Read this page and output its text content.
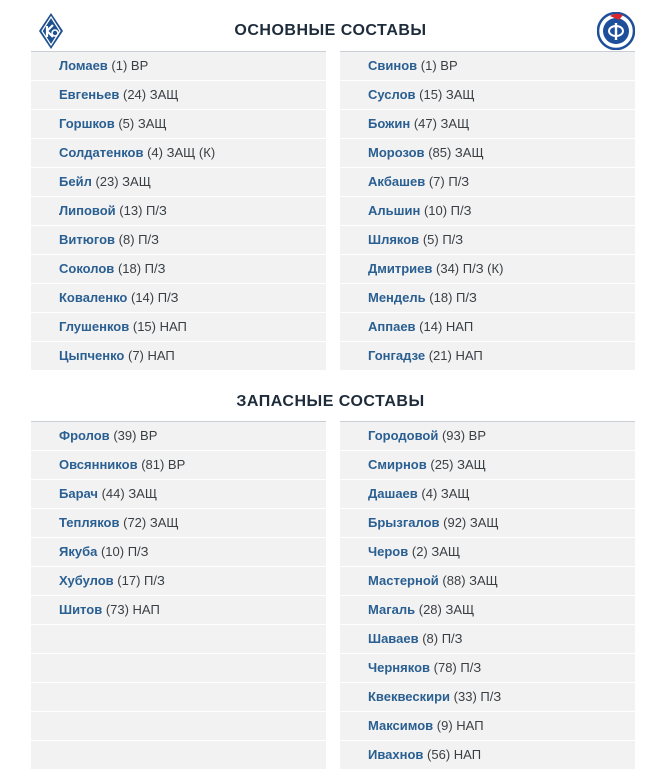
ОСНОВНЫЕ СОСТАВЫ
Ломаев (1) ВР
Евгеньев (24) ЗАЩ
Горшков (5) ЗАЩ
Солдатенков (4) ЗАЩ (К)
Бейл (23) ЗАЩ
Липовой (13) П/З
Витюгов (8) П/З
Соколов (18) П/З
Коваленко (14) П/З
Глушенков (15) НАП
Цыпченко (7) НАП
Свинов (1) ВР
Суслов (15) ЗАЩ
Божин (47) ЗАЩ
Морозов (85) ЗАЩ
Акбашев (7) П/З
Альшин (10) П/З
Шляков (5) П/З
Дмитриев (34) П/З (К)
Мендель (18) П/З
Аппаев (14) НАП
Гонгадзе (21) НАП
ЗАПАСНЫЕ СОСТАВЫ
Фролов (39) ВР
Овсянников (81) ВР
Барач (44) ЗАЩ
Тепляков (72) ЗАЩ
Якуба (10) П/З
Хубулов (17) П/З
Шитов (73) НАП
Городовой (93) ВР
Смирнов (25) ЗАЩ
Дашаев (4) ЗАЩ
Брызгалов (92) ЗАЩ
Черов (2) ЗАЩ
Мастерной (88) ЗАЩ
Магаль (28) ЗАЩ
Шаваев (8) П/З
Черняков (78) П/З
Квеквескири (33) П/З
Максимов (9) НАП
Ивахнов (56) НАП
